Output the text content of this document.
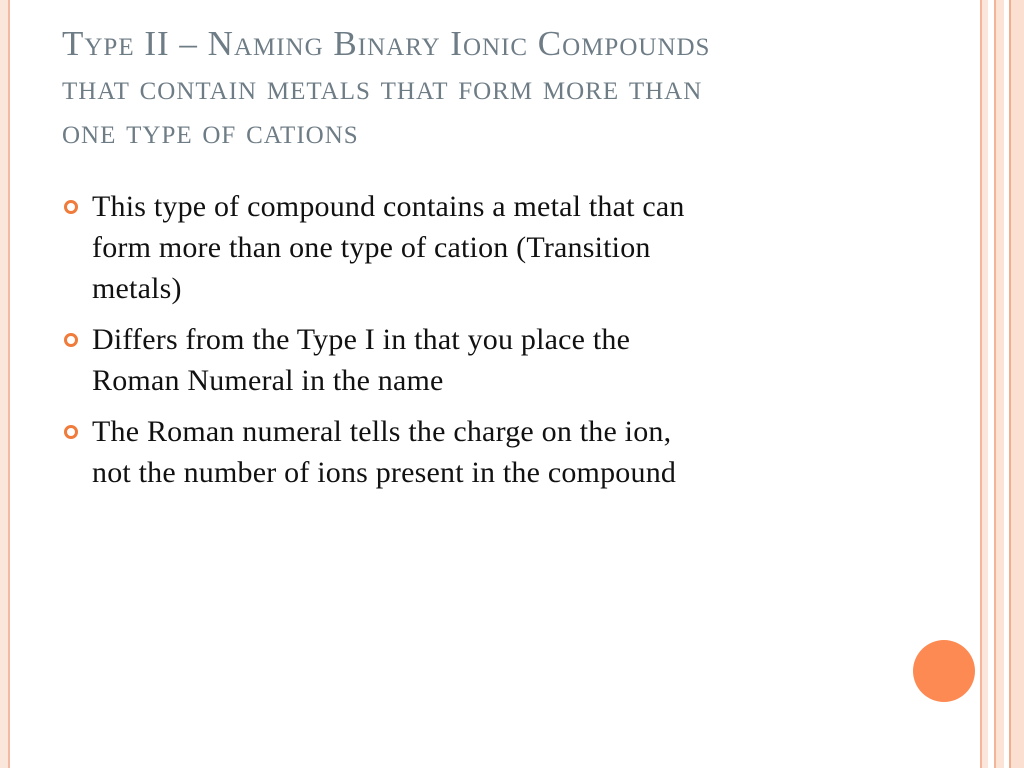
Type II – Naming Binary Ionic Compounds
that contain metals that form more than
one type of cations
This type of compound contains a metal that can
form more than one type of cation (Transition
metals)
Differs from the Type I in that you place the
Roman Numeral in the name
The Roman numeral tells the charge on the ion,
not the number of ions present in the compound
